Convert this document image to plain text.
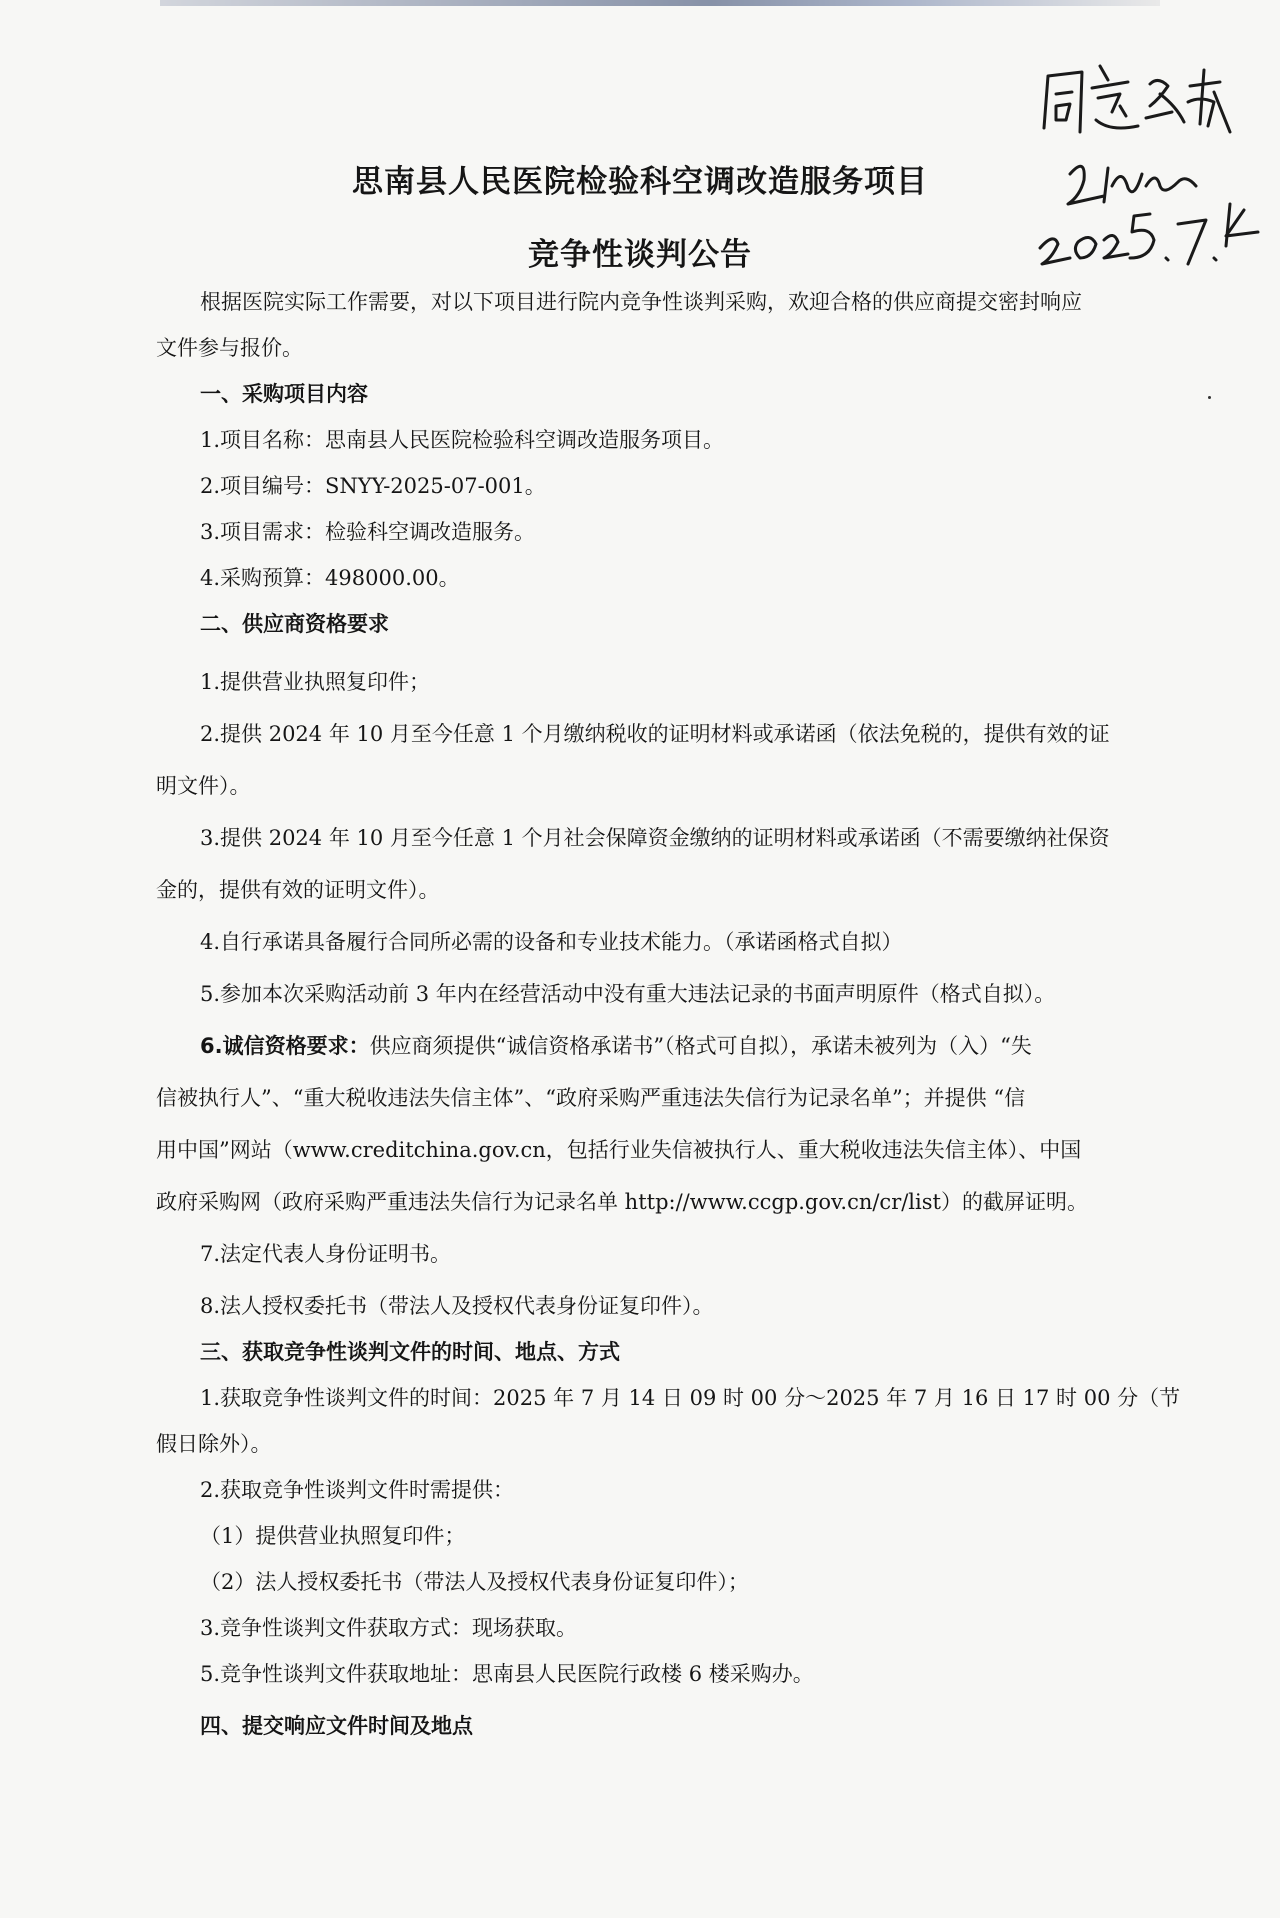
思南县人民医院检验科空调改造服务项目
竞争性谈判公告
根据医院实际工作需要，对以下项目进行院内竞争性谈判采购，欢迎合格的供应商提交密封响应
文件参与报价。
一、采购项目内容
1.项目名称：思南县人民医院检验科空调改造服务项目。
2.项目编号：SNYY-2025-07-001。
3.项目需求：检验科空调改造服务。
4.采购预算：498000.00。
二、供应商资格要求
1.提供营业执照复印件；
2.提供 2024 年 10 月至今任意 1 个月缴纳税收的证明材料或承诺函（依法免税的，提供有效的证
明文件）。
3.提供 2024 年 10 月至今任意 1 个月社会保障资金缴纳的证明材料或承诺函（不需要缴纳社保资
金的，提供有效的证明文件）。
4.自行承诺具备履行合同所必需的设备和专业技术能力。（承诺函格式自拟）
5.参加本次采购活动前 3 年内在经营活动中没有重大违法记录的书面声明原件（格式自拟）。
6.诚信资格要求：供应商须提供“诚信资格承诺书”（格式可自拟），承诺未被列为（入）“失
信被执行人”、“重大税收违法失信主体”、“政府采购严重违法失信行为记录名单”；并提供 “信
用中国”网站（www.creditchina.gov.cn，包括行业失信被执行人、重大税收违法失信主体）、中国
政府采购网（政府采购严重违法失信行为记录名单 http://www.ccgp.gov.cn/cr/list）的截屏证明。
7.法定代表人身份证明书。
8.法人授权委托书（带法人及授权代表身份证复印件）。
三、获取竞争性谈判文件的时间、地点、方式
1.获取竞争性谈判文件的时间：2025 年 7 月 14 日 09 时 00 分～2025 年 7 月 16 日 17 时 00 分（节
假日除外）。
2.获取竞争性谈判文件时需提供：
（1）提供营业执照复印件；
（2）法人授权委托书（带法人及授权代表身份证复印件）；
3.竞争性谈判文件获取方式：现场获取。
5.竞争性谈判文件获取地址：思南县人民医院行政楼 6 楼采购办。
四、提交响应文件时间及地点
